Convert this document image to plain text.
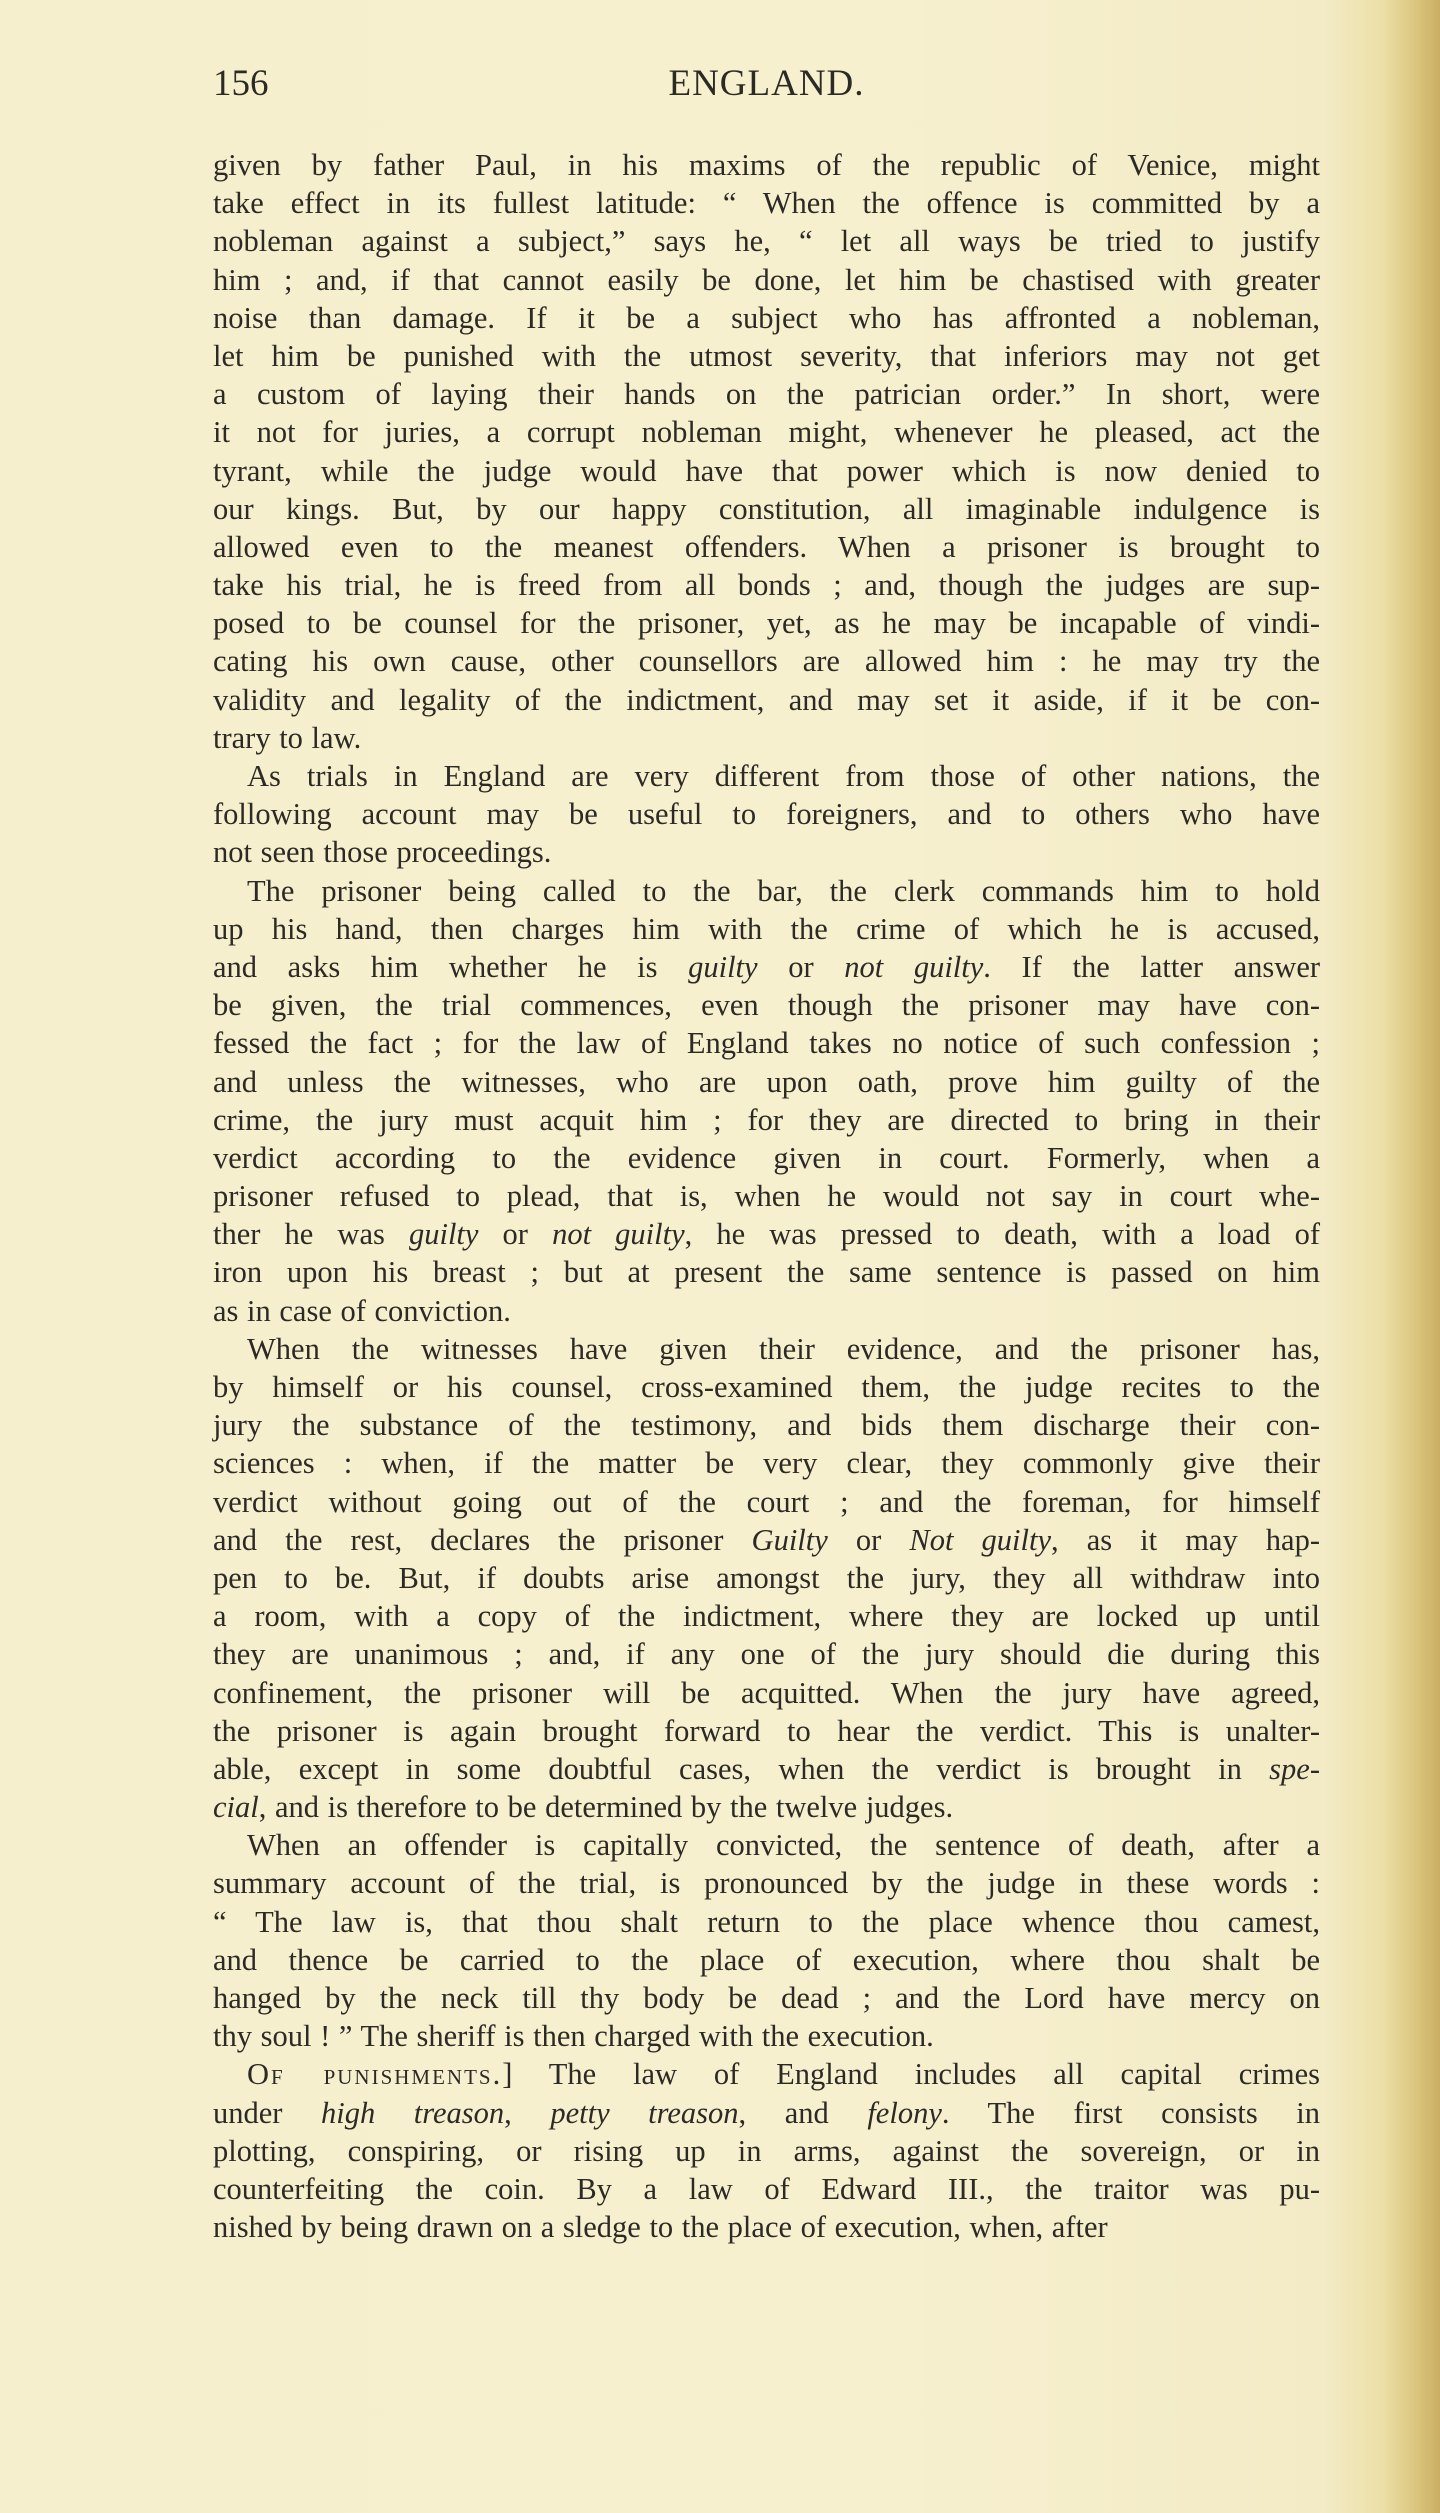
156	ENGLAND.
given by father Paul, in his maxims of the republic of Venice, might
take effect in its fullest latitude: “ When the offence is committed by a
nobleman against a subject,” says he, “ let all ways be tried to justify
him ; and, if that cannot easily be done, let him be chastised with greater
noise than damage. If it be a subject who has affronted a nobleman,
let him be punished with the utmost severity, that inferiors may not get
a custom of laying their hands on the patrician order.” In short, were
it not for juries, a corrupt nobleman might, whenever he pleased, act the
tyrant, while the judge would have that power which is now denied to
our kings. But, by our happy constitution, all imaginable indulgence is
allowed even to the meanest offenders. When a prisoner is brought to
take his trial, he is freed from all bonds ; and, though the judges are sup-
posed to be counsel for the prisoner, yet, as he may be incapable of vindi-
cating his own cause, other counsellors are allowed him : he may try the
validity and legality of the indictment, and may set it aside, if it be con-
trary to law.
As trials in England are very different from those of other nations, the
following account may be useful to foreigners, and to others who have
not seen those proceedings.
The prisoner being called to the bar, the clerk commands him to hold
up his hand, then charges him with the crime of which he is accused,
and asks him whether he is guilty or not guilty. If the latter answer
be given, the trial commences, even though the prisoner may have con-
fessed the fact ; for the law of England takes no notice of such confession ;
and unless the witnesses, who are upon oath, prove him guilty of the
crime, the jury must acquit him ; for they are directed to bring in their
verdict according to the evidence given in court. Formerly, when a
prisoner refused to plead, that is, when he would not say in court whe-
ther he was guilty or not guilty, he was pressed to death, with a load of
iron upon his breast ; but at present the same sentence is passed on him
as in case of conviction.
When the witnesses have given their evidence, and the prisoner has,
by himself or his counsel, cross-examined them, the judge recites to the
jury the substance of the testimony, and bids them discharge their con-
sciences : when, if the matter be very clear, they commonly give their
verdict without going out of the court ; and the foreman, for himself
and the rest, declares the prisoner Guilty or Not guilty, as it may hap-
pen to be. But, if doubts arise amongst the jury, they all withdraw into
a room, with a copy of the indictment, where they are locked up until
they are unanimous ; and, if any one of the jury should die during this
confinement, the prisoner will be acquitted. When the jury have agreed,
the prisoner is again brought forward to hear the verdict. This is unalter-
able, except in some doubtful cases, when the verdict is brought in spe-
cial, and is therefore to be determined by the twelve judges.
When an offender is capitally convicted, the sentence of death, after a
summary account of the trial, is pronounced by the judge in these words :
“ The law is, that thou shalt return to the place whence thou camest,
and thence be carried to the place of execution, where thou shalt be
hanged by the neck till thy body be dead ; and the Lord have mercy on
thy soul ! ” The sheriff is then charged with the execution.
Of punishments.] The law of England includes all capital crimes
under high treason, petty treason, and felony. The first consists in
plotting, conspiring, or rising up in arms, against the sovereign, or in
counterfeiting the coin. By a law of Edward III., the traitor was pu-
nished by being drawn on a sledge to the place of execution, when, after
